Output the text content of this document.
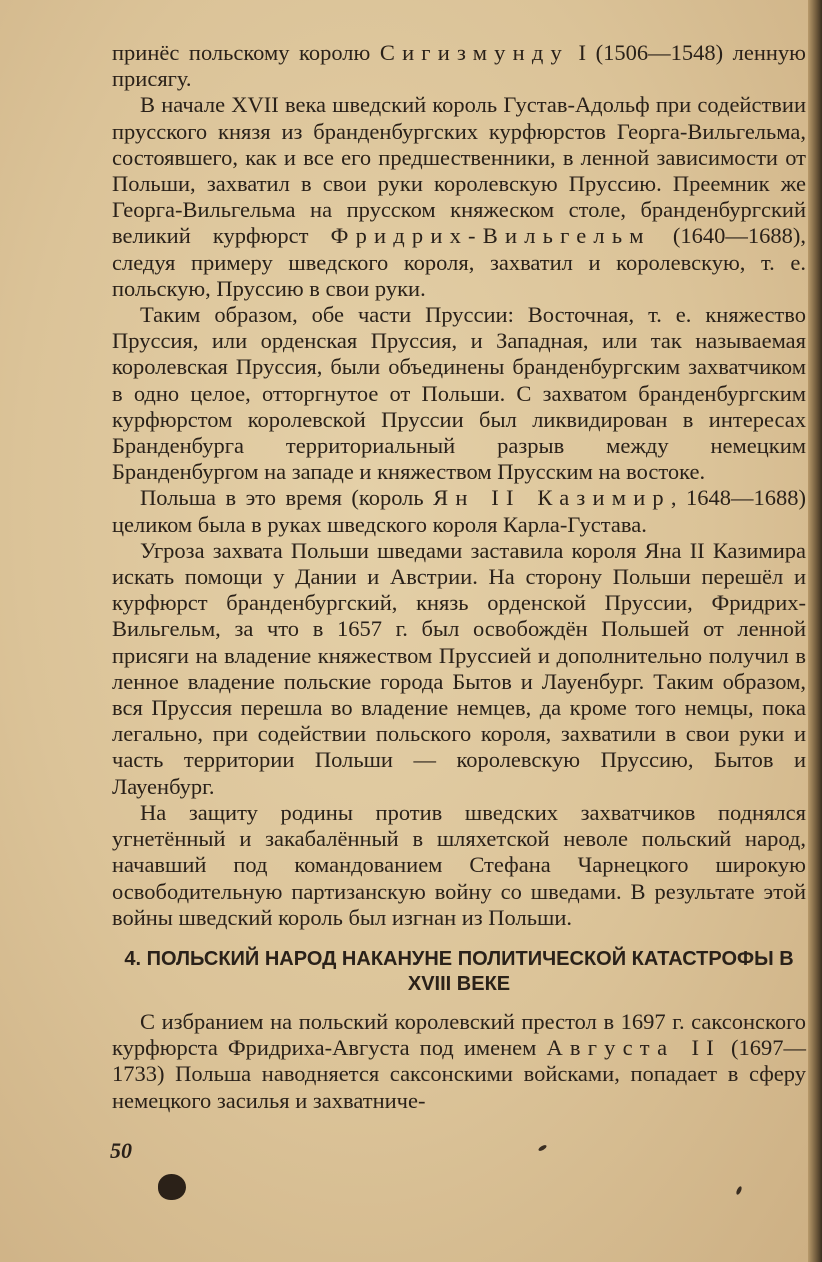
принёс польскому королю Сигизмунду I (1506—1548) ленную присягу.

В начале XVII века шведский король Густав-Адольф при содействии прусского князя из бранденбургских курфюрстов Георга-Вильгельма, состоявшего, как и все его предшественники, в ленной зависимости от Польши, захватил в свои руки королевскую Пруссию. Преемник же Георга-Вильгельма на прусском княжеском столе, бранденбургский великий курфюрст Фридрих-Вильгельм (1640—1688), следуя примеру шведского короля, захватил и королевскую, т. е. польскую, Пруссию в свои руки.

Таким образом, обе части Пруссии: Восточная, т. е. княжество Пруссия, или орденская Пруссия, и Западная, или так называемая королевская Пруссия, были объединены бранденбургским захватчиком в одно целое, отторгнутое от Польши. С захватом бранденбургским курфюрстом королевской Пруссии был ликвидирован в интересах Бранденбурга территориальный разрыв между немецким Бранденбургом на западе и княжеством Прусским на востоке.

Польша в это время (король Ян II Казимир, 1648—1688) целиком была в руках шведского короля Карла-Густава.

Угроза захвата Польши шведами заставила короля Яна II Казимира искать помощи у Дании и Австрии. На сторону Польши перешёл и курфюрст бранденбургский, князь орденской Пруссии, Фридрих-Вильгельм, за что в 1657 г. был освобождён Польшей от ленной присяги на владение княжеством Пруссией и дополнительно получил в ленное владение польские города Бытов и Лауенбург. Таким образом, вся Пруссия перешла во владение немцев, да кроме того немцы, пока легально, при содействии польского короля, захватили в свои руки и часть территории Польши — королевскую Пруссию, Бытов и Лауенбург.

На защиту родины против шведских захватчиков поднялся угнетённый и закабалённый в шляхетской неволе польский народ, начавший под командованием Стефана Чарнецкого широкую освободительную партизанскую войну со шведами. В результате этой войны шведский король был изгнан из Польши.

4. ПОЛЬСКИЙ НАРОД НАКАНУНЕ ПОЛИТИЧЕСКОЙ КАТАСТРОФЫ В XVIII ВЕКЕ

С избранием на польский королевский престол в 1697 г. саксонского курфюрста Фридриха-Августа под именем Августа II (1697—1733) Польша наводняется саксонскими войсками, попадает в сферу немецкого засилья и захватниче-

50
